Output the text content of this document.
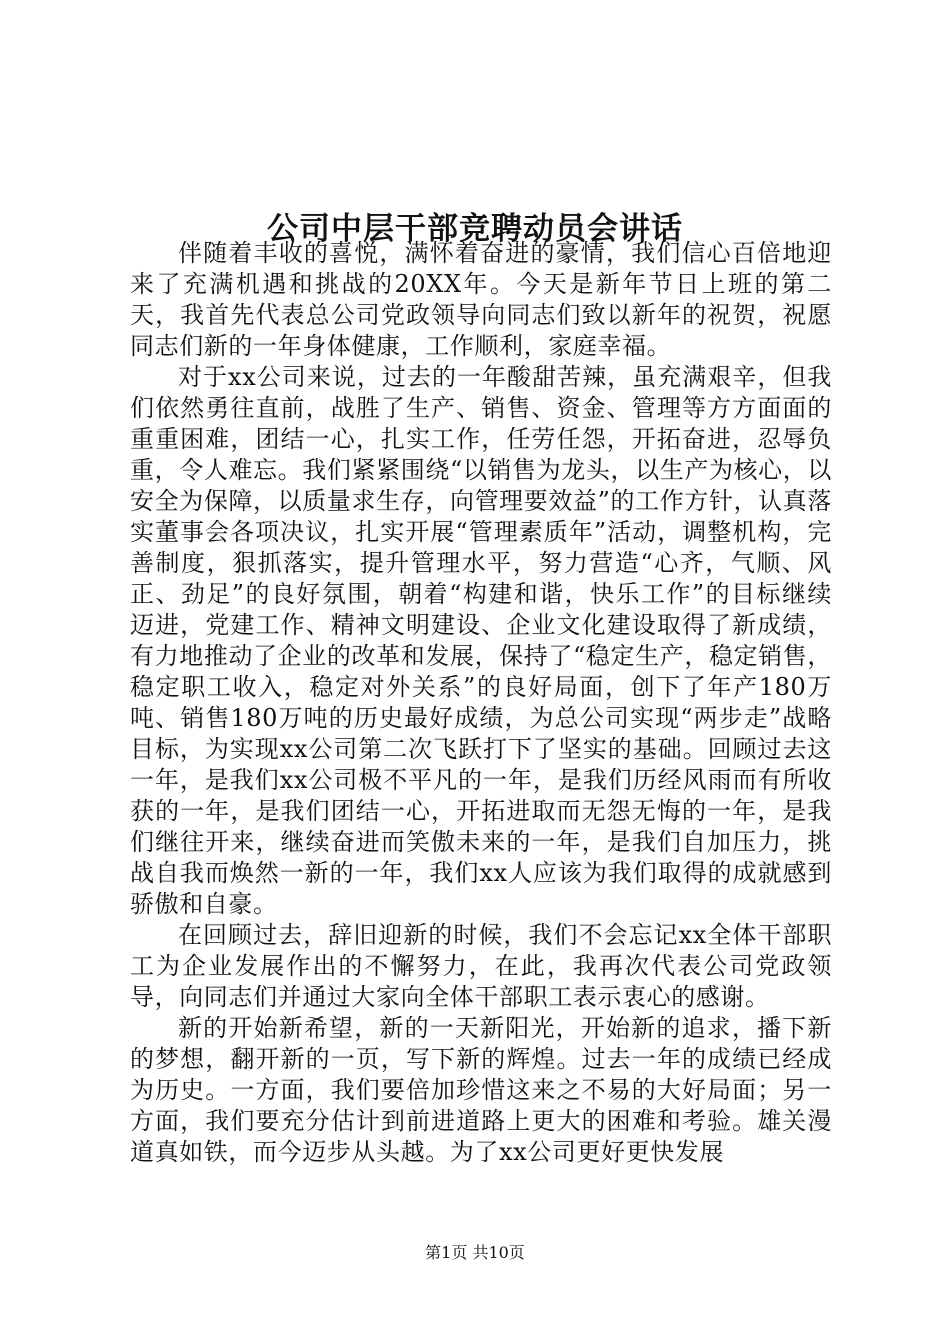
公司中层干部竞聘动员会讲话

伴随着丰收的喜悦，满怀着奋进的豪情，我们信心百倍地迎来了充满机遇和挑战的20XX年。今天是新年节日上班的第二天，我首先代表总公司党政领导向同志们致以新年的祝贺，祝愿同志们新的一年身体健康，工作顺利，家庭幸福。

对于xx公司来说，过去的一年酸甜苦辣，虽充满艰辛，但我们依然勇往直前，战胜了生产、销售、资金、管理等方方面面的重重困难，团结一心，扎实工作，任劳任怨，开拓奋进，忍辱负重，令人难忘。我们紧紧围绕“以销售为龙头，以生产为核心，以安全为保障，以质量求生存，向管理要效益”的工作方针，认真落实董事会各项决议，扎实开展“管理素质年”活动，调整机构，完善制度，狠抓落实，提升管理水平，努力营造“心齐，气顺、风正、劲足”的良好氛围，朝着“构建和谐，快乐工作”的目标继续迈进，党建工作、精神文明建设、企业文化建设取得了新成绩，有力地推动了企业的改革和发展，保持了“稳定生产，稳定销售，稳定职工收入，稳定对外关系”的良好局面，创下了年产180万吨、销售180万吨的历史最好成绩，为总公司实现“两步走”战略目标，为实现xx公司第二次飞跃打下了坚实的基础。回顾过去这一年，是我们xx公司极不平凡的一年，是我们历经风雨而有所收获的一年，是我们团结一心，开拓进取而无怨无悔的一年，是我们继往开来，继续奋进而笑傲未来的一年，是我们自加压力，挑战自我而焕然一新的一年，我们xx人应该为我们取得的成就感到骄傲和自豪。

在回顾过去，辞旧迎新的时候，我们不会忘记xx全体干部职工为企业发展作出的不懈努力，在此，我再次代表公司党政领导，向同志们并通过大家向全体干部职工表示衷心的感谢。

新的开始新希望，新的一天新阳光，开始新的追求，播下新的梦想，翻开新的一页，写下新的辉煌。过去一年的成绩已经成为历史。一方面，我们要倍加珍惜这来之不易的大好局面；另一方面，我们要充分估计到前进道路上更大的困难和考验。雄关漫道真如铁，而今迈步从头越。为了xx公司更好更快发展

第1页 共10页
